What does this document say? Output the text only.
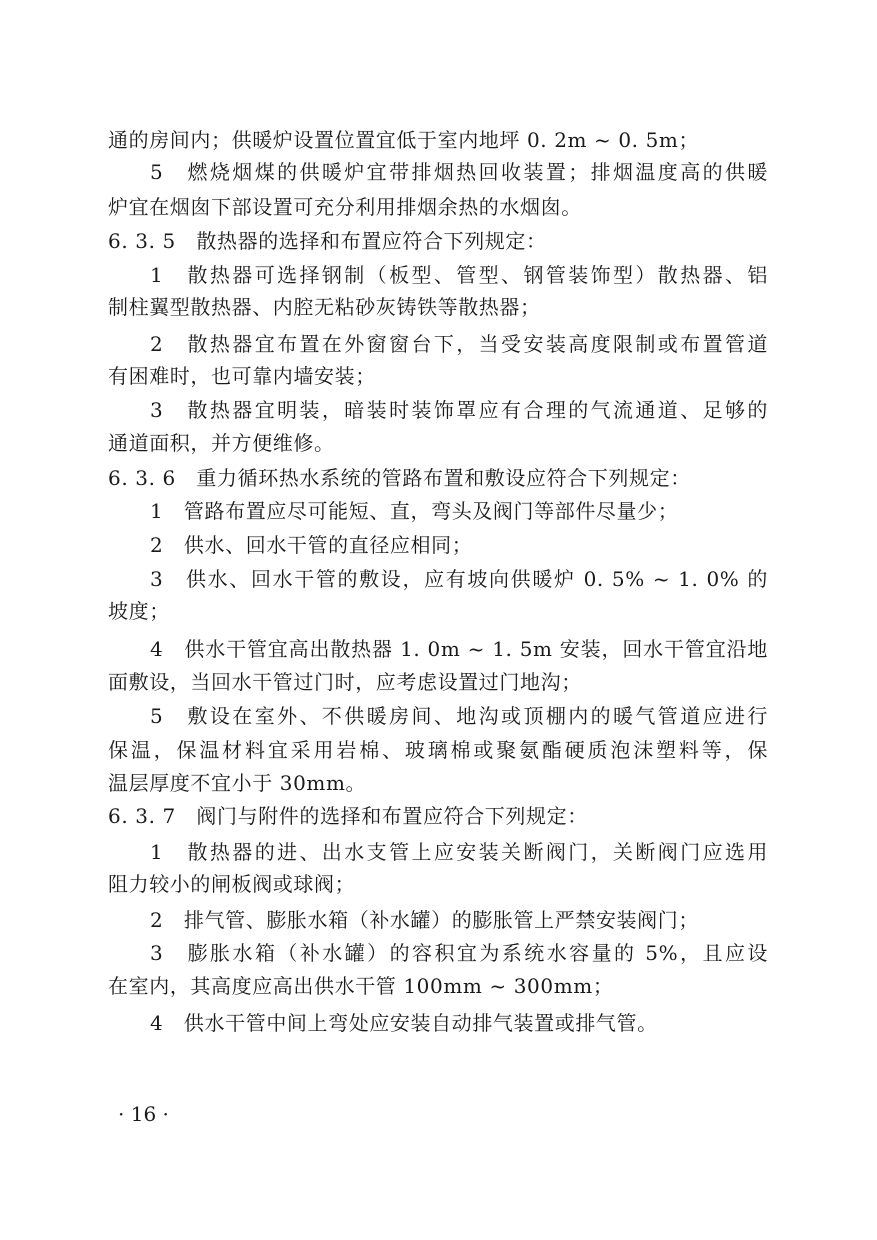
通的房间内；供暖炉设置位置宜低于室内地坪 0. 2m ~ 0. 5m；
5　燃烧烟煤的供暖炉宜带排烟热回收装置；排烟温度高的供暖
炉宜在烟囱下部设置可充分利用排烟余热的水烟囱。
6. 3. 5　散热器的选择和布置应符合下列规定：
1　散热器可选择钢制（板型、管型、钢管装饰型）散热器、铝
制柱翼型散热器、内腔无粘砂灰铸铁等散热器；
2　散热器宜布置在外窗窗台下，当受安装高度限制或布置管道
有困难时，也可靠内墙安装；
3　散热器宜明装，暗装时装饰罩应有合理的气流通道、足够的
通道面积，并方便维修。
6. 3. 6　重力循环热水系统的管路布置和敷设应符合下列规定：
1　管路布置应尽可能短、直，弯头及阀门等部件尽量少；
2　供水、回水干管的直径应相同；
3　供水、回水干管的敷设，应有坡向供暖炉 0. 5% ~ 1. 0% 的
坡度；
4　供水干管宜高出散热器 1. 0m ~ 1. 5m 安装，回水干管宜沿地
面敷设，当回水干管过门时，应考虑设置过门地沟；
5　敷设在室外、不供暖房间、地沟或顶棚内的暖气管道应进行
保温，保温材料宜采用岩棉、玻璃棉或聚氨酯硬质泡沫塑料等，保
温层厚度不宜小于 30mm。
6. 3. 7　阀门与附件的选择和布置应符合下列规定：
1　散热器的进、出水支管上应安装关断阀门，关断阀门应选用
阻力较小的闸板阀或球阀；
2　排气管、膨胀水箱（补水罐）的膨胀管上严禁安装阀门；
3　膨胀水箱（补水罐）的容积宜为系统水容量的 5%，且应设
在室内，其高度应高出供水干管 100mm ~ 300mm；
4　供水干管中间上弯处应安装自动排气装置或排气管。
· 16 ·
